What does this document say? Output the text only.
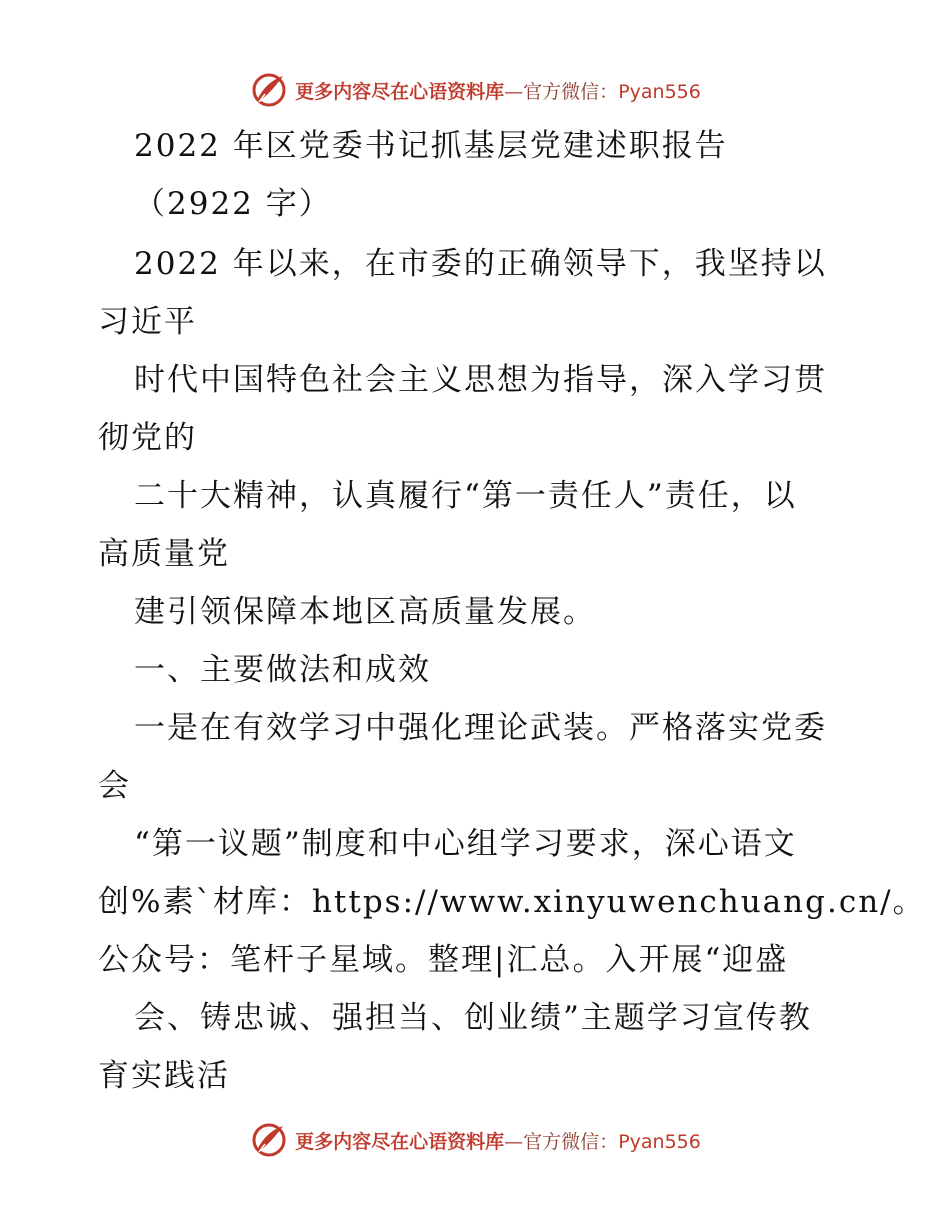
更多内容尽在心语资料库—官方微信：Pyan556
2022 年区党委书记抓基层党建述职报告
（2922 字）
2022 年以来，在市委的正确领导下，我坚持以
习近平
时代中国特色社会主义思想为指导，深入学习贯
彻党的
二十大精神，认真履行“第一责任人”责任，以
高质量党
建引领保障本地区高质量发展。
一、主要做法和成效
一是在有效学习中强化理论武装。严格落实党委
会
“第一议题”制度和中心组学习要求，深心语文
创%素`材库：https://www.xinyuwenchuang.cn/。
公众号：笔杆子星域。整理|汇总。入开展“迎盛
会、铸忠诚、强担当、创业绩”主题学习宣传教
育实践活
更多内容尽在心语资料库—官方微信：Pyan556
